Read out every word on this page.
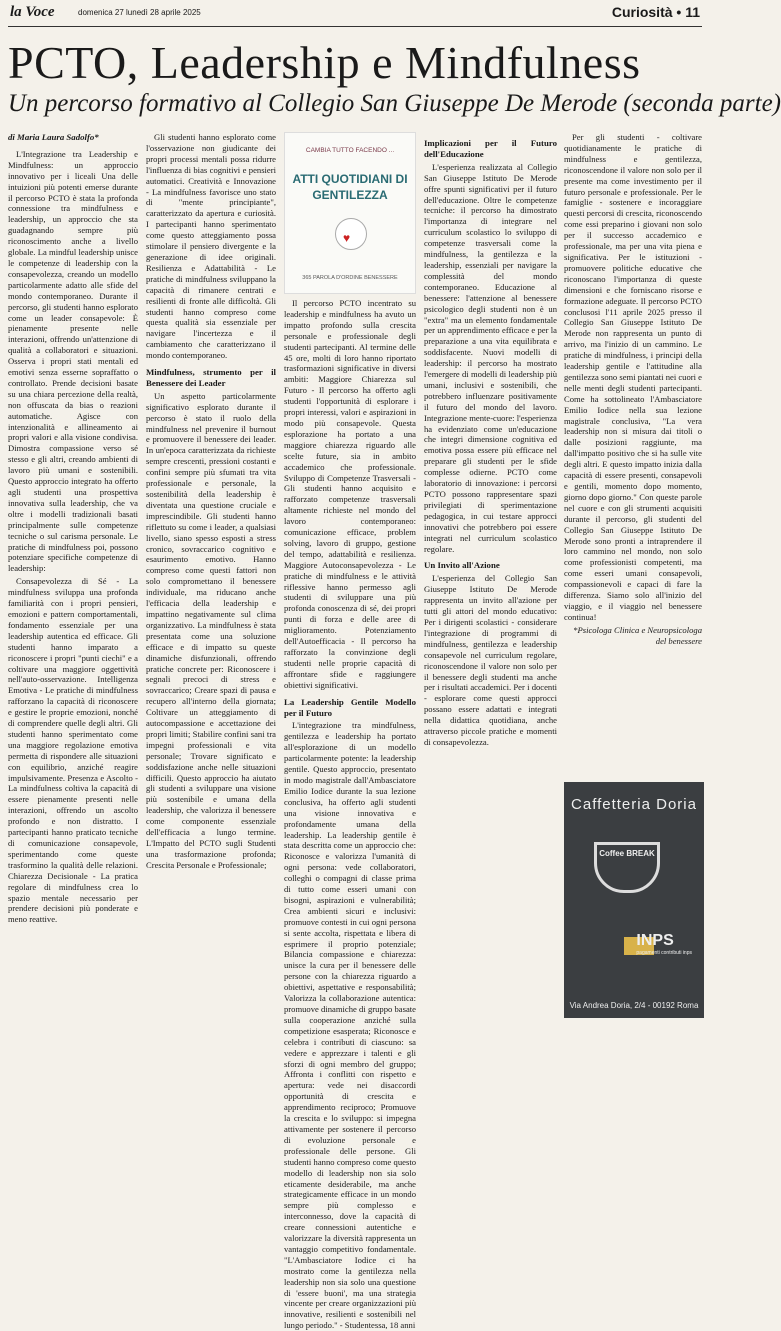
la Voce	domenica 27 lunedì 28 aprile 2025	Curiosità • 11
PCTO, Leadership e Mindfulness
Un percorso formativo al Collegio San Giuseppe De Merode (seconda parte)
di Maria Laura Sadolfo*

L'Integrazione tra Leadership e Mindfulness: un approccio innovativo per i liceali Una delle intuizioni più potenti emerse durante il percorso PCTO è stata la profonda connessione tra mindfulness e leadership, un approccio che sta guadagnando sempre più riconoscimento anche a livello globale. La mindful leadership unisce le competenze di leadership con la consapevolezza, creando un modello particolarmente adatto alle sfide del mondo contemporaneo. Durante il percorso, gli studenti hanno esplorato come un leader consapevole: È pienamente presente nelle interazioni, offrendo un'attenzione di qualità a collaboratori e situazioni. Osserva i propri stati mentali ed emotivi senza esserne sopraffatto o controllato. Prende decisioni basate su una chiara percezione della realtà, non offuscata da bias o reazioni automatiche. Agisce con intenzionalità e allineamento ai propri valori e alla visione condivisa. Dimostra compassione verso sé stesso e gli altri, creando ambienti di lavoro più umani e sostenibili. Questo approccio integrato ha offerto agli studenti una prospettiva innovativa sulla leadership, che va oltre i modelli tradizionali basati principalmente sulle competenze tecniche o sul carisma personale. Le pratiche di mindfulness poi, possono potenziare specifiche competenze di leadership:

Consapevolezza di Sé - La mindfulness sviluppa una profonda familiarità con i propri pensieri, emozioni e pattern comportamentali, fondamento essenziale per una leadership autentica ed efficace. Gli studenti hanno imparato a riconoscere i propri "punti ciechi" e a coltivare una maggiore oggettività nell'auto-osservazione. Intelligenza Emotiva - Le pratiche di mindfulness rafforzano la capacità di riconoscere e gestire le proprie emozioni, nonché di comprendere quelle degli altri. Gli studenti hanno sperimentato come una maggiore regolazione emotiva permetta di rispondere alle situazioni con equilibrio, anziché reagire impulsivamente. Presenza e Ascolto - La mindfulness coltiva la capacità di essere pienamente presenti nelle interazioni, offrendo un ascolto profondo e non distratto. I partecipanti hanno praticato tecniche di comunicazione consapevole, sperimentando come queste trasformino la qualità delle relazioni. Chiarezza Decisionale - La pratica regolare di mindfulness crea lo spazio mentale necessario per prendere decisioni più ponderate e meno reattive.

Gli studenti hanno esplorato come l'osservazione non giudicante dei propri processi mentali possa ridurre l'influenza di bias cognitivi e pensieri automatici. Creatività e Innovazione - La mindfulness favorisce uno stato di "mente principiante", caratterizzato da apertura e curiosità. I partecipanti hanno sperimentato come questo atteggiamento possa stimolare il pensiero divergente e la generazione di idee originali. Resilienza e Adattabilità - Le pratiche di mindfulness sviluppano la capacità di rimanere centrati e resilienti di fronte alle difficoltà. Gli studenti hanno compreso come questa qualità sia essenziale per navigare l'incertezza e il cambiamento che caratterizzano il mondo contemporaneo.

Mindfulness, strumento per il Benessere dei Leader

Un aspetto particolarmente significativo esplorato durante il percorso è stato il ruolo della mindfulness nel prevenire il burnout e promuovere il benessere dei leader. In un'epoca caratterizzata da richieste sempre crescenti, pressioni costanti e confini sempre più sfumati tra vita professionale e personale, la sostenibilità della leadership è diventata una questione cruciale e imprescindibile. Gli studenti hanno riflettuto su come i leader, a qualsiasi livello, siano spesso esposti a stress cronico, sovraccarico cognitivo e esaurimento emotivo. Hanno compreso come questi fattori non solo compromettano il benessere individuale, ma riducano anche l'efficacia della leadership e impattino negativamente sul clima organizzativo. La mindfulness è stata presentata come una soluzione efficace e di impatto su queste dinamiche disfunzionali, offrendo pratiche concrete per: Riconoscere i segnali precoci di stress e sovraccarico; Creare spazi di pausa e recupero all'interno della giornata; Coltivare un atteggiamento di autocompassione e accettazione dei propri limiti; Stabilire confini sani tra impegni professionali e vita personale; Trovare significato e soddisfazione anche nelle situazioni difficili. Questo approccio ha aiutato gli studenti a sviluppare una visione più sostenibile e umana della leadership, che valorizza il benessere come componente essenziale dell'efficacia a lungo termine. L'Impatto del PCTO sugli Studenti una trasformazione profonda; Crescita Personale e Professionale;

CAMBIA TUTTO FACENDO ...
ATTI QUOTIDIANI DI GENTILEZZA
♥
365 PAROLA D'ORDINE BENESSERE

Il percorso PCTO incentrato su leadership e mindfulness ha avuto un impatto profondo sulla crescita personale e professionale degli studenti partecipanti. Al termine delle 45 ore, molti di loro hanno riportato trasformazioni significative in diversi ambiti: Maggiore Chiarezza sul Futuro - Il percorso ha offerto agli studenti l'opportunità di esplorare i propri interessi, valori e aspirazioni in modo più consapevole. Questa esplorazione ha portato a una maggiore chiarezza riguardo alle scelte future, sia in ambito accademico che professionale. Sviluppo di Competenze Trasversali - Gli studenti hanno acquisito e rafforzato competenze trasversali altamente richieste nel mondo del lavoro contemporaneo: comunicazione efficace, problem solving, lavoro di gruppo, gestione del tempo, adattabilità e resilienza. Maggiore Autoconsapevolezza - Le pratiche di mindfulness e le attività riflessive hanno permesso agli studenti di sviluppare una più profonda conoscenza di sé, dei propri punti di forza e delle aree di miglioramento. Potenziamento dell'Autoefficacia - Il percorso ha rafforzato la convinzione degli studenti nelle proprie capacità di affrontare sfide e raggiungere obiettivi significativi.

La Leadership Gentile Modello per il Futuro

L'integrazione tra mindfulness, gentilezza e leadership ha portato all'esplorazione di un modello particolarmente potente: la leadership gentile. Questo approccio, presentato in modo magistrale dall'Ambasciatore Emilio Iodice durante la sua lezione conclusiva, ha offerto agli studenti una visione innovativa e profondamente umana della leadership. La leadership gentile è stata descritta come un approccio che: Riconosce e valorizza l'umanità di ogni persona: vede collaboratori, colleghi o compagni di classe prima di tutto come esseri umani con bisogni, aspirazioni e vulnerabilità; Crea ambienti sicuri e inclusivi: promuove contesti in cui ogni persona si sente accolta, rispettata e libera di esprimere il proprio potenziale; Bilancia compassione e chiarezza: unisce la cura per il benessere delle persone con la chiarezza riguardo a obiettivi, aspettative e responsabilità; Valorizza la collaborazione autentica: promuove dinamiche di gruppo basate sulla cooperazione anziché sulla competizione esasperata; Riconosce e celebra i contributi di ciascuno: sa vedere e apprezzare i talenti e gli sforzi di ogni membro del gruppo; Affronta i conflitti con rispetto e apertura: vede nei disaccordi opportunità di crescita e apprendimento reciproco; Promuove la crescita e lo sviluppo: si impegna attivamente per sostenere il percorso di evoluzione personale e professionale delle persone. Gli studenti hanno compreso come questo modello di leadership non sia solo eticamente desiderabile, ma anche strategicamente efficace in un mondo sempre più complesso e interconnesso, dove la capacità di creare connessioni autentiche e valorizzare la diversità rappresenta un vantaggio competitivo fondamentale. "L'Ambasciatore Iodice ci ha mostrato come la gentilezza nella leadership non sia solo una questione di 'essere buoni', ma una strategia vincente per creare organizzazioni più innovative, resilienti e sostenibili nel lungo periodo." - Studentessa, 18 anni

Implicazioni per il Futuro dell'Educazione

L'esperienza realizzata al Collegio San Giuseppe Istituto De Merode offre spunti significativi per il futuro dell'educazione. Oltre le competenze tecniche: il percorso ha dimostrato l'importanza di integrare nel curriculum scolastico lo sviluppo di competenze trasversali come la mindfulness, la gentilezza e la leadership, essenziali per navigare la complessità del mondo contemporaneo. Educazione al benessere: l'attenzione al benessere psicologico degli studenti non è un "extra" ma un elemento fondamentale per un apprendimento efficace e per la preparazione a una vita equilibrata e soddisfacente. Nuovi modelli di leadership: il percorso ha mostrato l'emergere di modelli di leadership più umani, inclusivi e sostenibili, che potrebbero influenzare positivamente il futuro del mondo del lavoro. Integrazione mente-cuore: l'esperienza ha evidenziato come un'educazione che integri dimensione cognitiva ed emotiva possa essere più efficace nel preparare gli studenti per le sfide complesse odierne. PCTO come laboratorio di innovazione: i percorsi PCTO possono rappresentare spazi privilegiati di sperimentazione pedagogica, in cui testare approcci innovativi che potrebbero poi essere integrati nel curriculum scolastico regolare.

Un Invito all'Azione

L'esperienza del Collegio San Giuseppe Istituto De Merode rappresenta un invito all'azione per tutti gli attori del mondo educativo: Per i dirigenti scolastici - considerare l'integrazione di programmi di mindfulness, gentilezza e leadership consapevole nel curriculum regolare, riconoscendone il valore non solo per il benessere degli studenti ma anche per i risultati accademici. Per i docenti - esplorare come questi approcci possano essere adattati e integrati nella didattica quotidiana, anche attraverso piccole pratiche e momenti di consapevolezza.

Per gli studenti - coltivare quotidianamente le pratiche di mindfulness e gentilezza, riconoscendone il valore non solo per il presente ma come investimento per il futuro personale e professionale. Per le famiglie - sostenere e incoraggiare questi percorsi di crescita, riconoscendo come essi preparino i giovani non solo per il successo accademico e professionale, ma per una vita piena e significativa. Per le istituzioni - promuovere politiche educative che riconoscano l'importanza di queste dimensioni e che forniscano risorse e formazione adeguate. Il percorso PCTO conclusosi l'11 aprile 2025 presso il Collegio San Giuseppe Istituto De Merode non rappresenta un punto di arrivo, ma l'inizio di un cammino. Le pratiche di mindfulness, i principi della leadership gentile e l'attitudine alla gentilezza sono semi piantati nei cuori e nelle menti degli studenti partecipanti. Come ha sottolineato l'Ambasciatore Emilio Iodice nella sua lezione magistrale conclusiva, "La vera leadership non si misura dai titoli o dalle posizioni raggiunte, ma dall'impatto positivo che si ha sulle vite degli altri. E questo impatto inizia dalla capacità di essere presenti, consapevoli e gentili, momento dopo momento, giorno dopo giorno." Con queste parole nel cuore e con gli strumenti acquisiti durante il percorso, gli studenti del Collegio San Giuseppe Istituto De Merode sono pronti a intraprendere il loro cammino nel mondo, non solo come professionisti competenti, ma come esseri umani consapevoli, compassionevoli e capaci di fare la differenza. Siamo solo all'inizio del viaggio, e il viaggio nel benessere continua!

*Psicologa Clinica e Neuropsicologa del benessere
Caffetteria Doria
Coffee BREAK
INPS
pagamenti contributi inps
Via Andrea Doria, 2/4 - 00192 Roma
